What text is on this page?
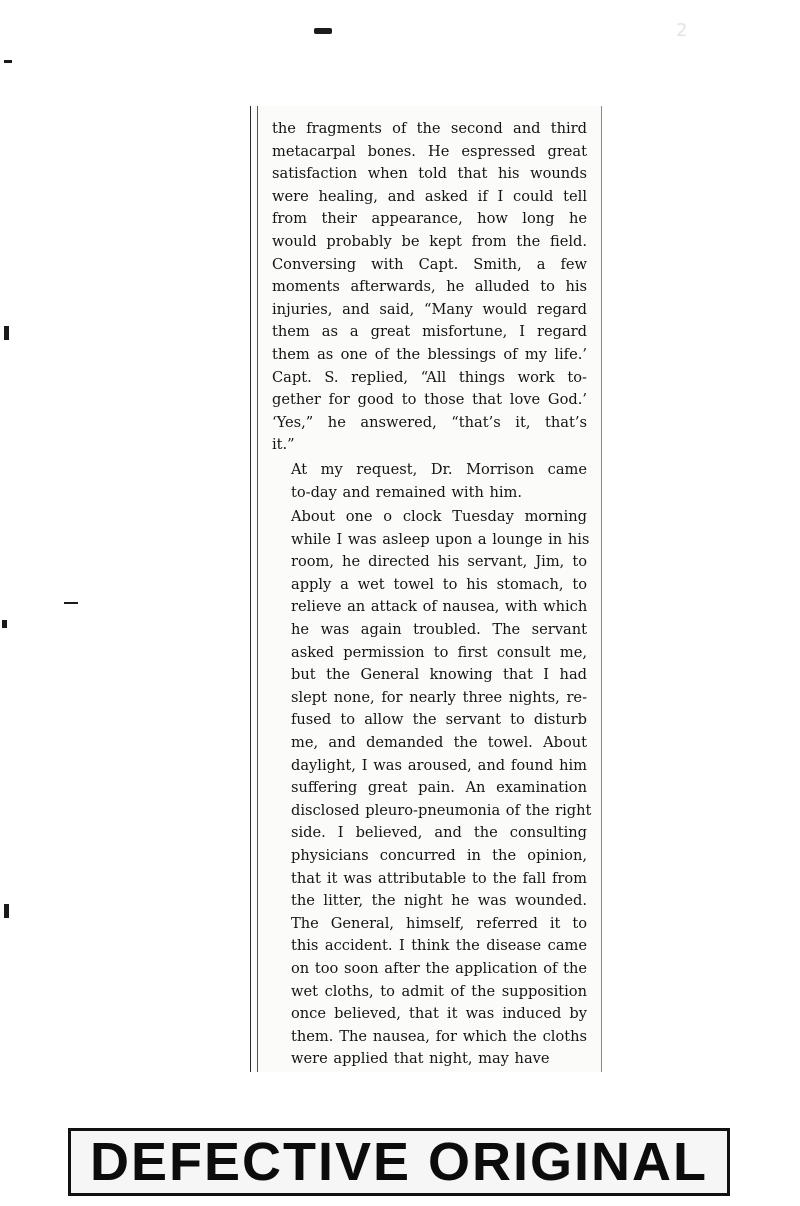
2

the fragments of the second and third
metacarpal bones. He espressed great
satisfaction when told that his wounds
were healing, and asked if I could tell
from their appearance, how long he
would probably be kept from the field.
Conversing with Capt. Smith, a few
moments afterwards, he alluded to his
injuries, and said, “Many would regard
them as a great misfortune, I regard
them as one of the blessings of my life.’
Capt. S. replied, “All things work to-
gether for good to those that love God.’
‘Yes,” he answered, “that’s it, that’s
it.”

At my request, Dr. Morrison came
to-day and remained with him.

About one o clock Tuesday morning
while I was asleep upon a lounge in his
room, he directed his servant, Jim, to
apply a wet towel to his stomach, to
relieve an attack of nausea, with which
he was again troubled. The servant
asked permission to first consult me,
but the General knowing that I had
slept none, for nearly three nights, re-
fused to allow the servant to disturb
me, and demanded the towel. About
daylight, I was aroused, and found him
suffering great pain. An examination
disclosed pleuro-pneumonia of the right
side. I believed, and the consulting
physicians concurred in the opinion,
that it was attributable to the fall from
the litter, the night he was wounded.
The General, himself, referred it to
this accident. I think the disease came
on too soon after the application of the
wet cloths, to admit of the supposition
once believed, that it was induced by
them. The nausea, for which the cloths
were applied that night, may have

DEFECTIVE ORIGINAL
